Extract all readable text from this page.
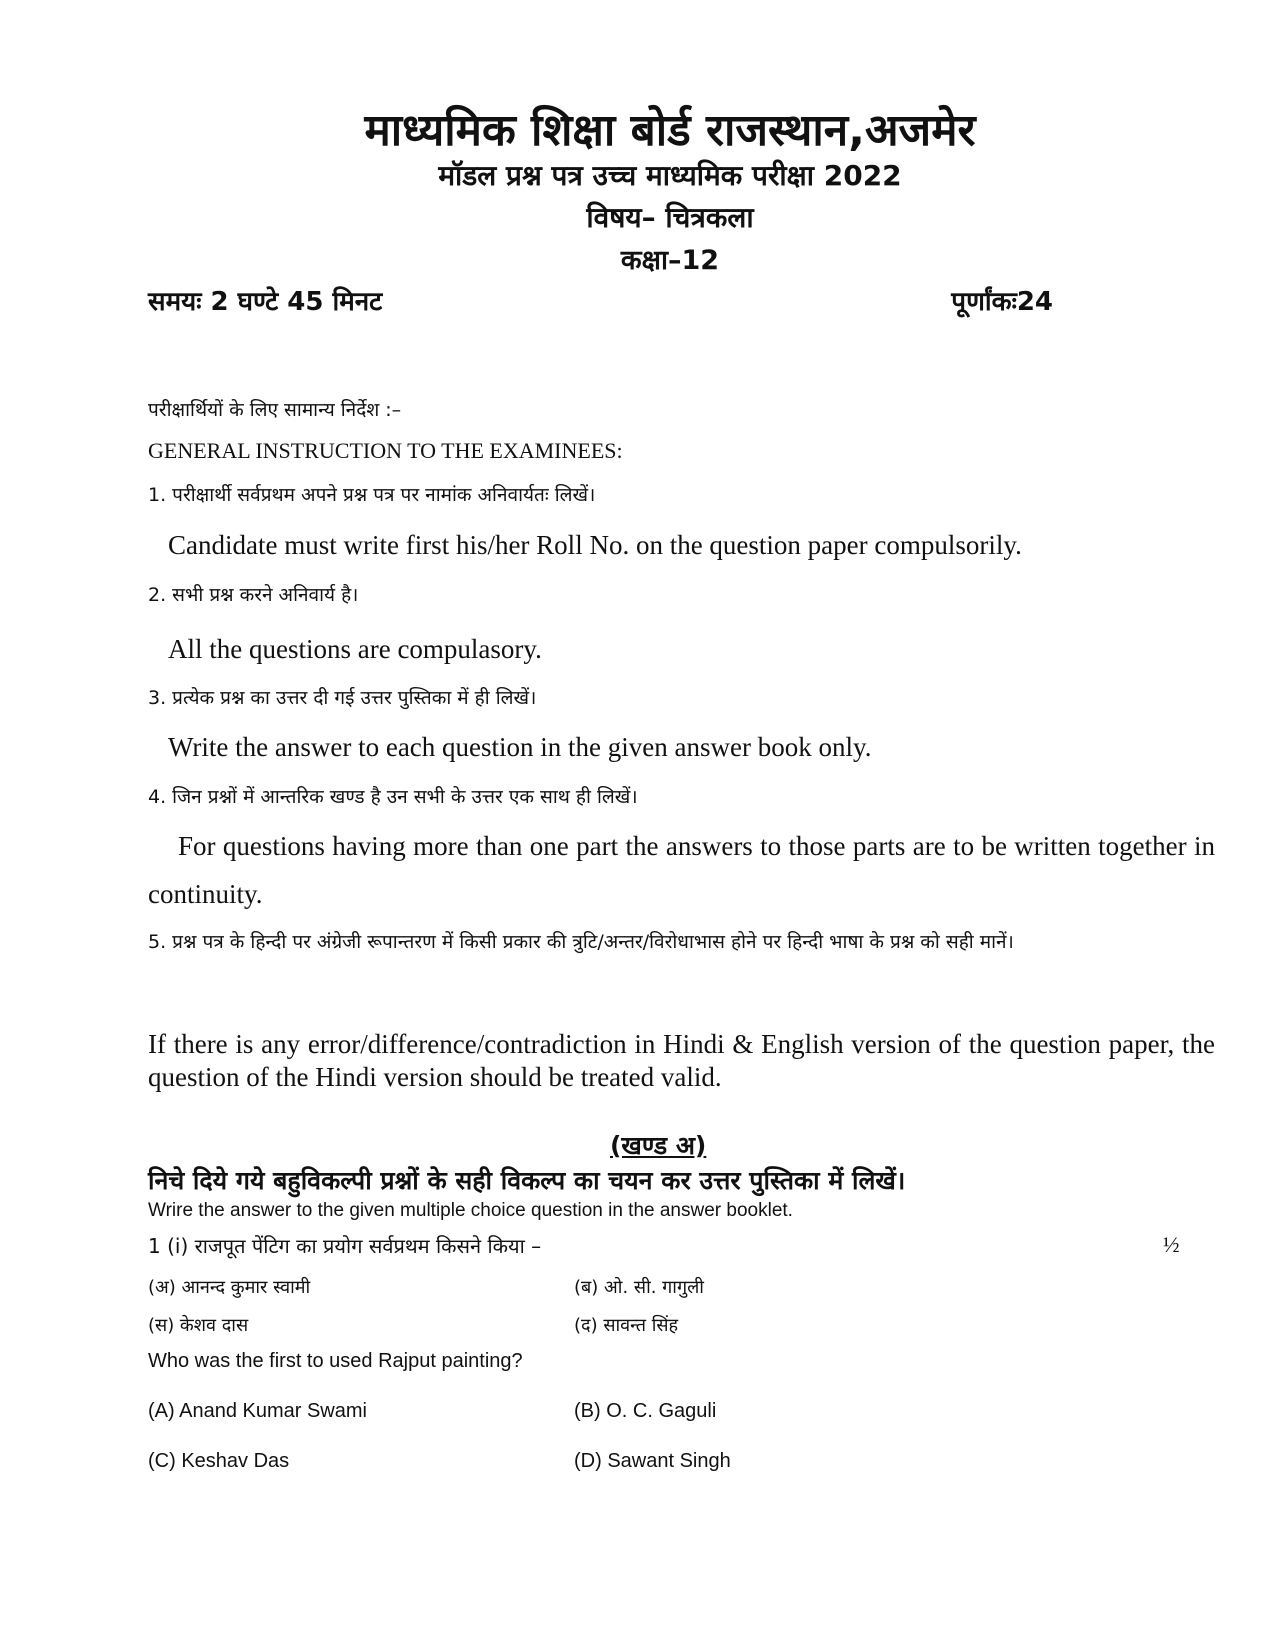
माध्यमिक शिक्षा बोर्ड राजस्थान,अजमेर
मॉडल प्रश्न पत्र उच्च माध्यमिक परीक्षा 2022
विषय– चित्रकला
कक्षा–12
समयः 2 घण्टे 45 मिनट	पूर्णांकः24
परीक्षार्थियों के लिए सामान्य निर्देश :–
GENERAL INSTRUCTION TO THE EXAMINEES:
1. परीक्षार्थी सर्वप्रथम अपने प्रश्न पत्र पर नामांक अनिवार्यतः लिखें।
Candidate must write first his/her Roll No. on the question paper compulsorily.
2. सभी प्रश्न करने अनिवार्य है।
All the questions are compulasory.
3. प्रत्येक प्रश्न का उत्तर दी गई उत्तर पुस्तिका में ही लिखें।
Write the answer to each question in the given answer book only.
4. जिन प्रश्नों में आन्तरिक खण्ड है उन सभी के उत्तर एक साथ ही लिखें।
For questions having more than one part the answers to those parts are to be written together in continuity.
5. प्रश्न पत्र के हिन्दी पर अंग्रेजी रूपान्तरण में किसी प्रकार की त्रुटि/अन्तर/विरोधाभास होने पर हिन्दी भाषा के प्रश्न को सही मानें।
If there is any error/difference/contradiction in Hindi & English version of the question paper, the question of the Hindi version should be treated valid.
(खण्ड अ)
निचे दिये गये बहुविकल्पी प्रश्नों के सही विकल्प का चयन कर उत्तर पुस्तिका में लिखें।
Wrire the answer to the given multiple choice question in the answer booklet.
1 (i) राजपूत पेंटिग का प्रयोग सर्वप्रथम किसने किया –	½
(अ) आनन्द कुमार स्वामी	(ब) ओ. सी. गागुली
(स) केशव दास	(द) सावन्त सिंह
Who was the first to used Rajput painting?
(A) Anand Kumar Swami	(B) O. C. Gaguli
(C) Keshav Das	(D) Sawant Singh
